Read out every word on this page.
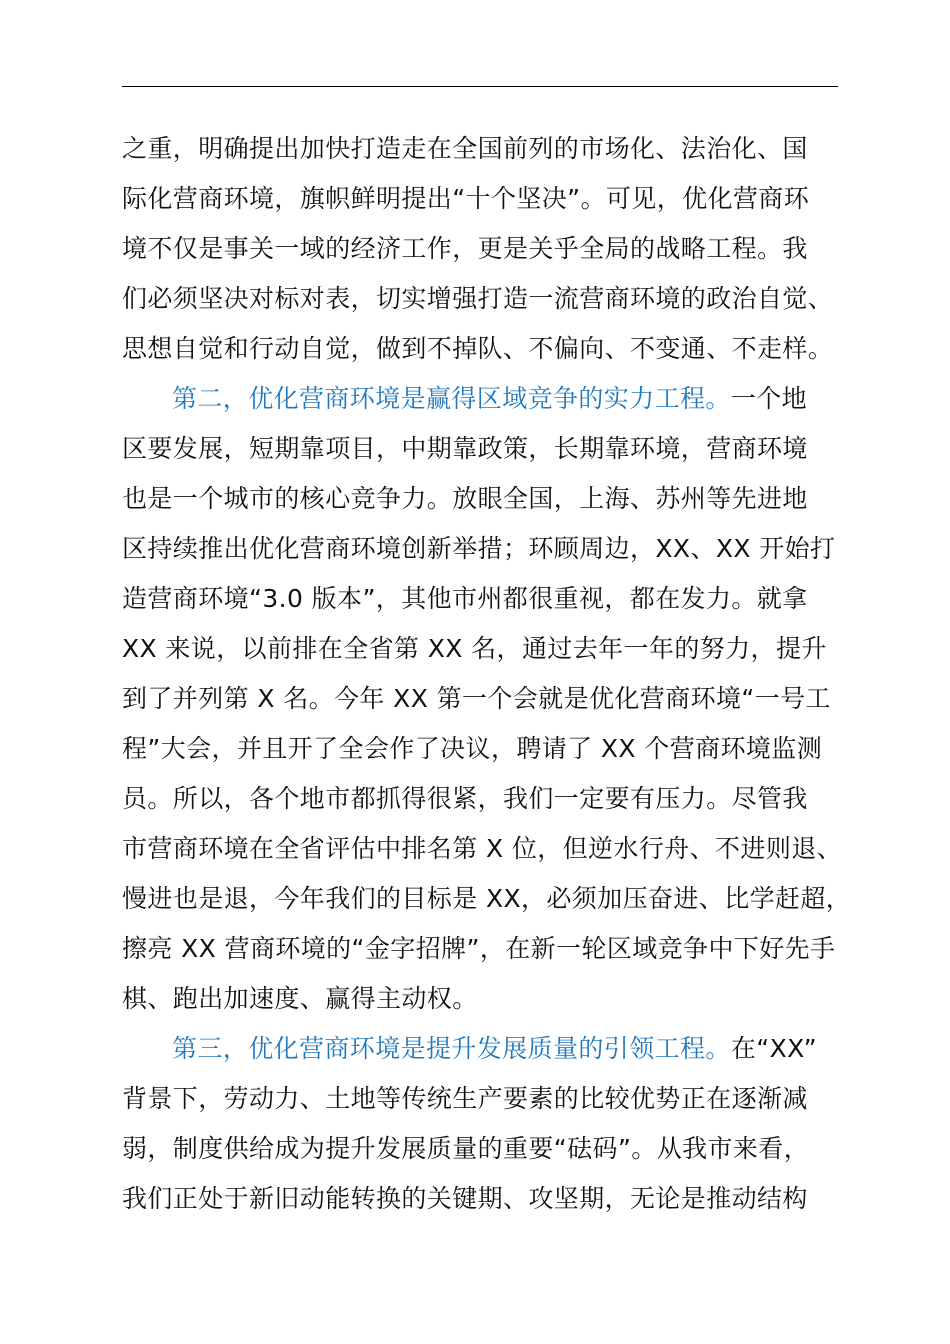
之重，明确提出加快打造走在全国前列的市场化、法治化、国
际化营商环境，旗帜鲜明提出“十个坚决”。可见，优化营商环
境不仅是事关一域的经济工作，更是关乎全局的战略工程。我
们必须坚决对标对表，切实增强打造一流营商环境的政治自觉、
思想自觉和行动自觉，做到不掉队、不偏向、不变通、不走样。
第二，优化营商环境是赢得区域竞争的实力工程。一个地
区要发展，短期靠项目，中期靠政策，长期靠环境，营商环境
也是一个城市的核心竞争力。放眼全国，上海、苏州等先进地
区持续推出优化营商环境创新举措；环顾周边，XX、XX 开始打
造营商环境“3.0 版本”，其他市州都很重视，都在发力。就拿
XX 来说，以前排在全省第 XX 名，通过去年一年的努力，提升
到了并列第 X 名。今年 XX 第一个会就是优化营商环境“一号工
程”大会，并且开了全会作了决议，聘请了 XX 个营商环境监测
员。所以，各个地市都抓得很紧，我们一定要有压力。尽管我
市营商环境在全省评估中排名第 X 位，但逆水行舟、不进则退、
慢进也是退，今年我们的目标是 XX，必须加压奋进、比学赶超，
擦亮 XX 营商环境的“金字招牌”，在新一轮区域竞争中下好先手
棋、跑出加速度、赢得主动权。
第三，优化营商环境是提升发展质量的引领工程。在“XX”
背景下，劳动力、土地等传统生产要素的比较优势正在逐渐减
弱，制度供给成为提升发展质量的重要“砝码”。从我市来看，
我们正处于新旧动能转换的关键期、攻坚期，无论是推动结构
